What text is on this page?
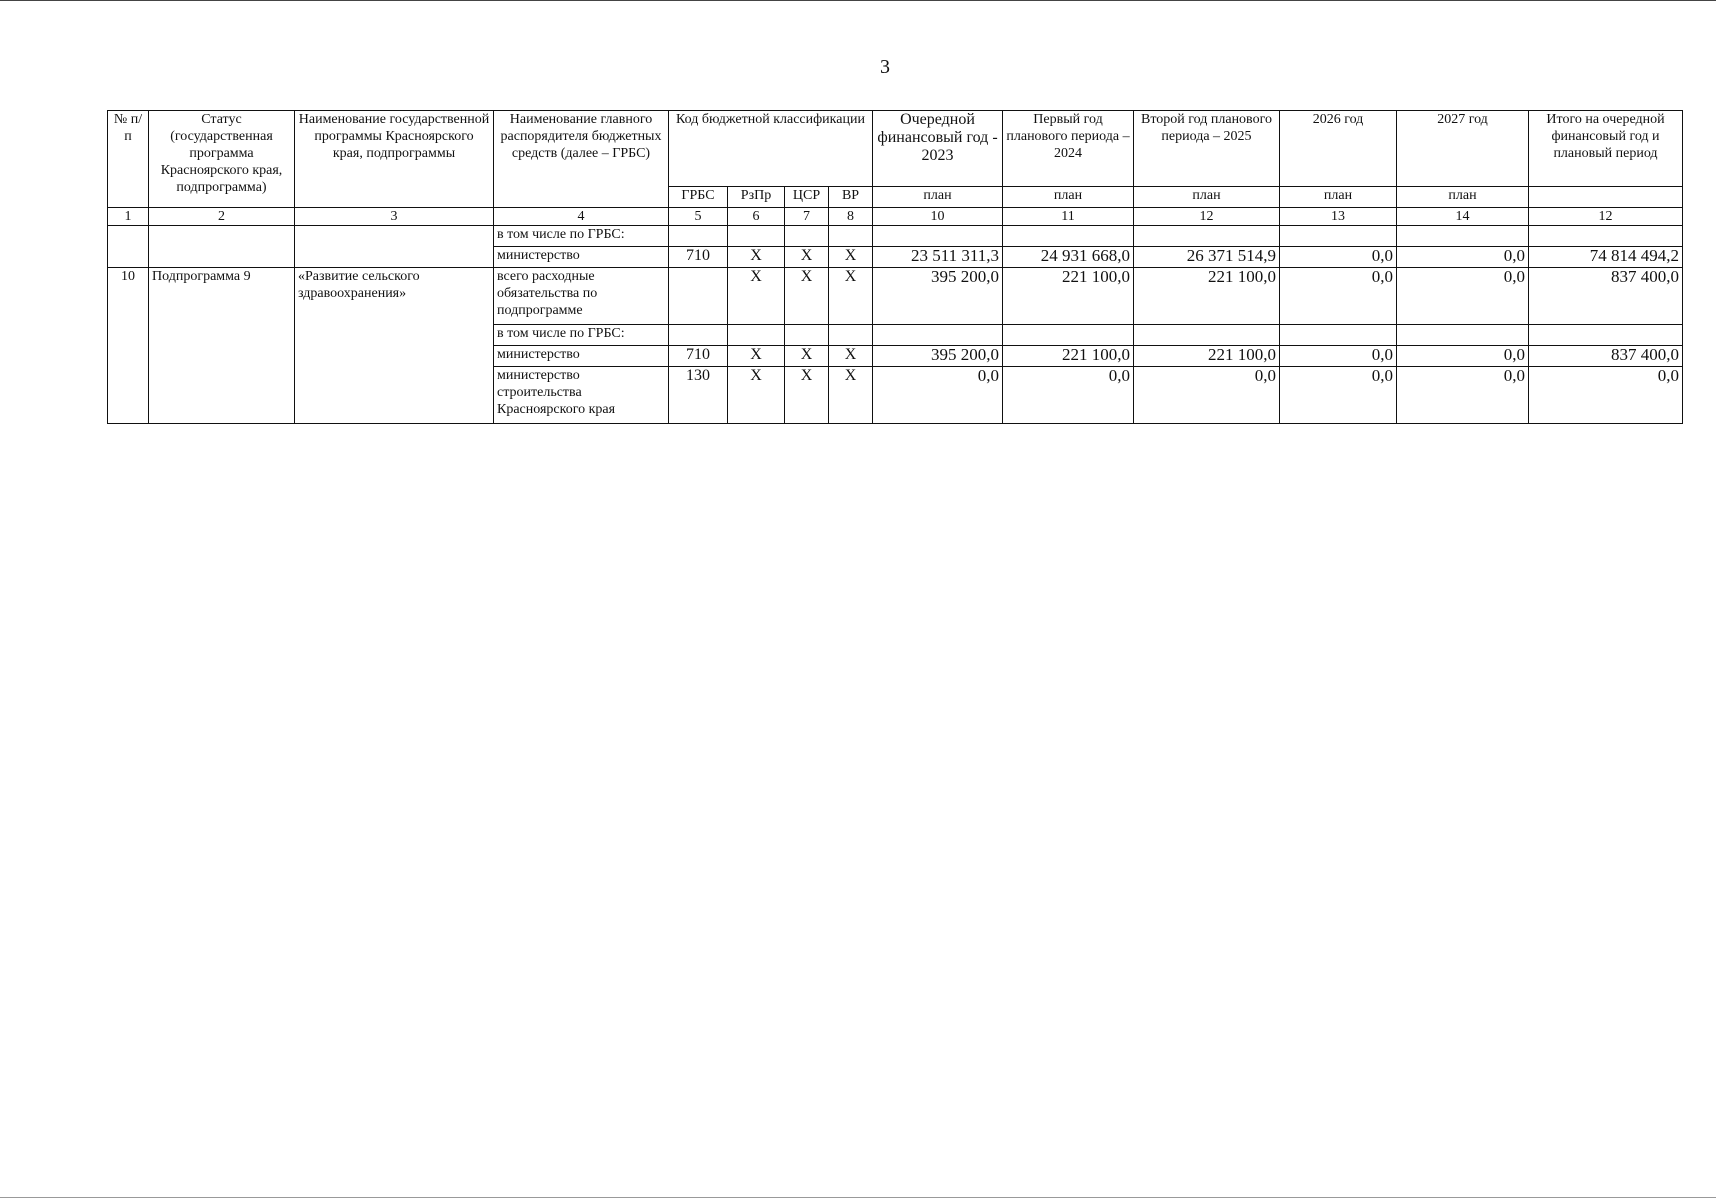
3
№ п/п	Статус (государственная программа Красноярского края, подпрограмма)	Наименование государственной программы Красноярского края, подпрограммы	Наименование главного распорядителя бюджетных средств (далее – ГРБС)	Код бюджетной классификации				Очередной финансовый год - 2023	Первый год планового периода – 2024	Второй год планового периода – 2025	2026 год	2027 год	Итого на очередной финансовый год и плановый период
				ГРБС	РзПр	ЦСР	ВР	план	план	план	план	план	
1	2	3	4	5	6	7	8	10	11	12	13	14	12
			в том числе по ГРБС:										
			министерство	710	Х	Х	Х	23 511 311,3	24 931 668,0	26 371 514,9	0,0	0,0	74 814 494,2
10	Подпрограмма 9	«Развитие сельского здравоохранения»	всего расходные обязательства по подпрограмме		Х	Х	Х	395 200,0	221 100,0	221 100,0	0,0	0,0	837 400,0
			в том числе по ГРБС:										
			министерство	710	Х	Х	Х	395 200,0	221 100,0	221 100,0	0,0	0,0	837 400,0
			министерство строительства Красноярского края	130	Х	Х	Х	0,0	0,0	0,0	0,0	0,0	0,0
